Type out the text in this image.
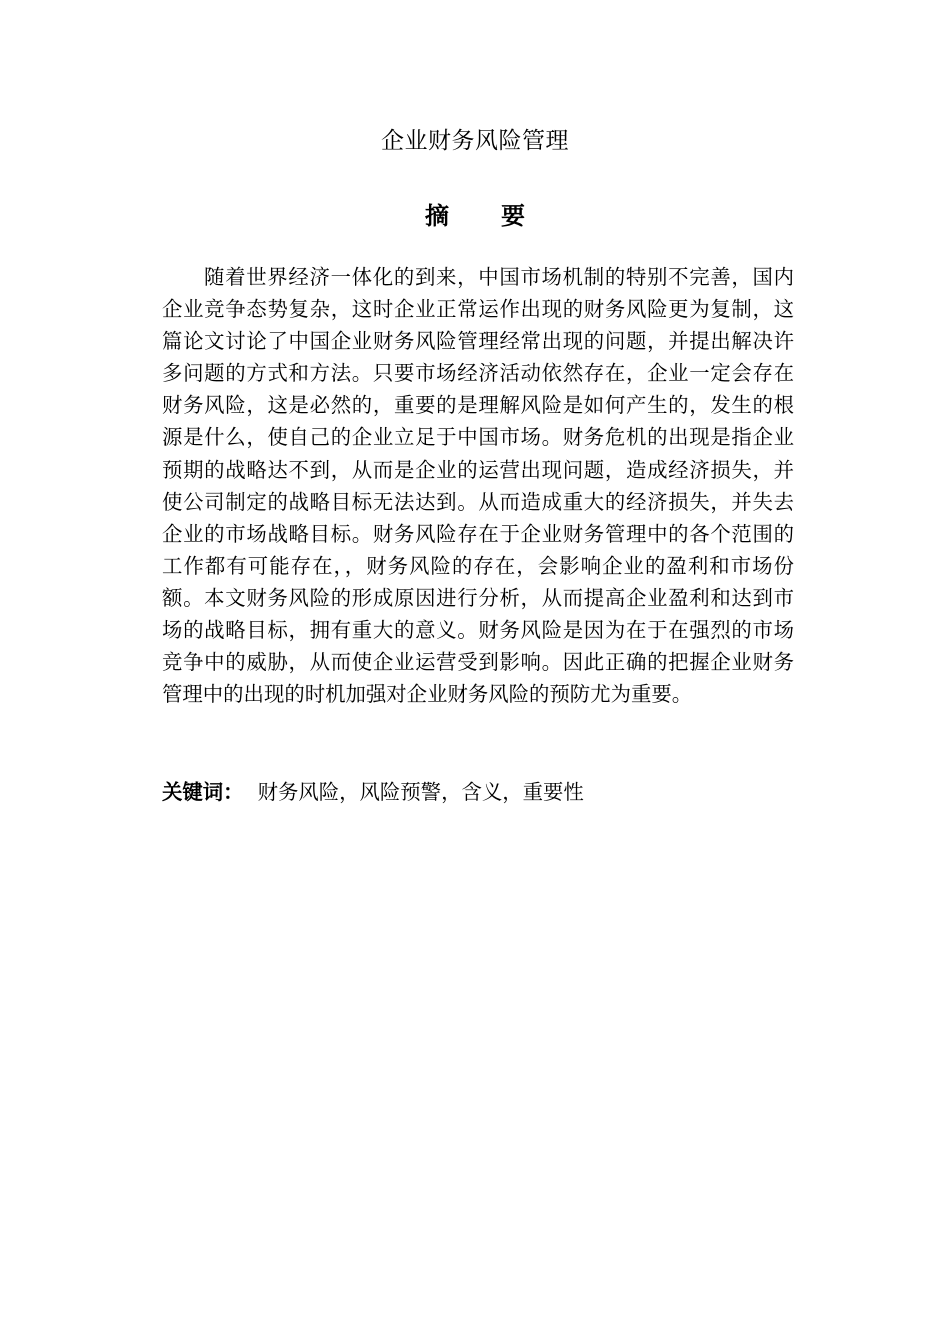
企业财务风险管理
摘 要

随着世界经济一体化的到来，中国市场机制的特别不完善，国内企业竞争态势复杂，这时企业正常运作出现的财务风险更为复制，这篇论文讨论了中国企业财务风险管理经常出现的问题，并提出解决许多问题的方式和方法。只要市场经济活动依然存在，企业一定会存在财务风险，这是必然的，重要的是理解风险是如何产生的，发生的根源是什么，使自己的企业立足于中国市场。财务危机的出现是指企业预期的战略达不到，从而是企业的运营出现问题，造成经济损失，并使公司制定的战略目标无法达到。从而造成重大的经济损失，并失去企业的市场战略目标。财务风险存在于企业财务管理中的各个范围的工作都有可能存在，，财务风险的存在，会影响企业的盈利和市场份额。本文财务风险的形成原因进行分析，从而提高企业盈利和达到市场的战略目标，拥有重大的意义。财务风险是因为在于在强烈的市场竞争中的威胁，从而使企业运营受到影响。因此正确的把握企业财务管理中的出现的时机加强对企业财务风险的预防尤为重要。

关键词： 财务风险，风险预警，含义，重要性
